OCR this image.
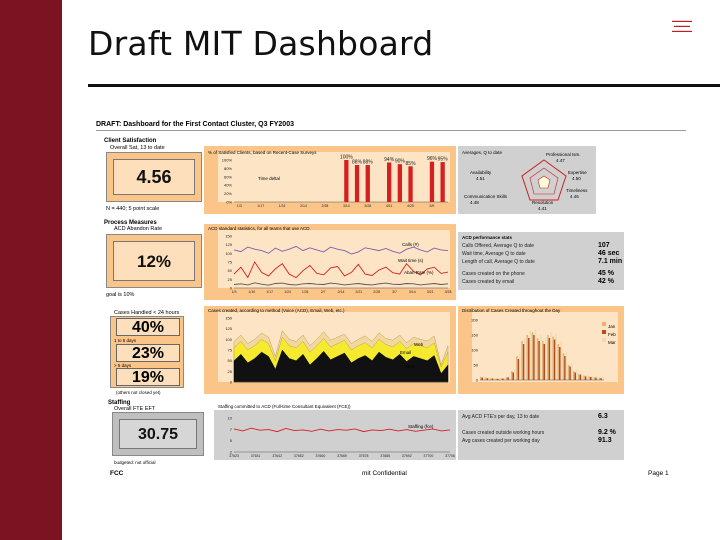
Draft MIT Dashboard
▬▬▬▬▬
▬▬▬▬
▬▬▬▬▬
DRAFT: Dashboard for the First Contact Cluster, Q3 FY2003
Client Satisfaction
Overall Sat, 13 to date
4.56
N = 440; 5 point scale
% of Satisfied Clients, based on Recent-Case Surveys
Time deltal
100%
80%
60%
40%
20%
0%
1/3	1/17	1/31	2/14	2/28
100%
3/14
88% 88%
3/28
94%
4/11
90% 85%
4/25
96%
5/9
95%
Averages, Q to date	Professional Ism.
4.47
Expertise
4.50
Timeliness
4.46
Resolution
4.41
Communication Skills
4.48
Availability
4.51
Process Measures
ACD Abandon Rate
12%
goal is 10%
ACD standard statistics, for all teams that use ACD.
150
125
100
75
50
25
0
1/3	1/10	1/17	1/24	1/31	2/7	2/14	2/21	2/28	3/7	3/14	3/21	3/28
Calls (#)
Wait time (s)
Aban Rate (%)
ACD performance stats
Calls Offered, Average Q to date	107
Wait time, Average Q to date	46 sec
Length of call, Average Q to date	7.1 min
Cases created on the phone	45 %
Cases created by email	42 %
Cases Handled < 24 hours
40%
1 to 5 days
23%
> 5 days
19%
(others not closed yet)
Cases created, according to method (Voice (ACD), Email, Web, etc.)
150
125
100
75
50
25
0
Web
Email
Voice
Distribution of Cases Created throughout the Day
200
150
100
50
0
Jan
Feb
Mar
Staffing
Overall FTE EFT
30.75
budgeted: not official
Staffing committed to ACD (Full-time Consultant Equivalent (FCE))
10
7
5
2
37623	37631	37642	37652	37660	37669	37678	37685	37692	37700	37706
Staffing (fce)
Avg ACD FTE's per day, 13 to date	6.3
Cases created outside working hours	9.2 %
Avg cases created per working day	91.3
FCC	mit Confidential	Page 1
